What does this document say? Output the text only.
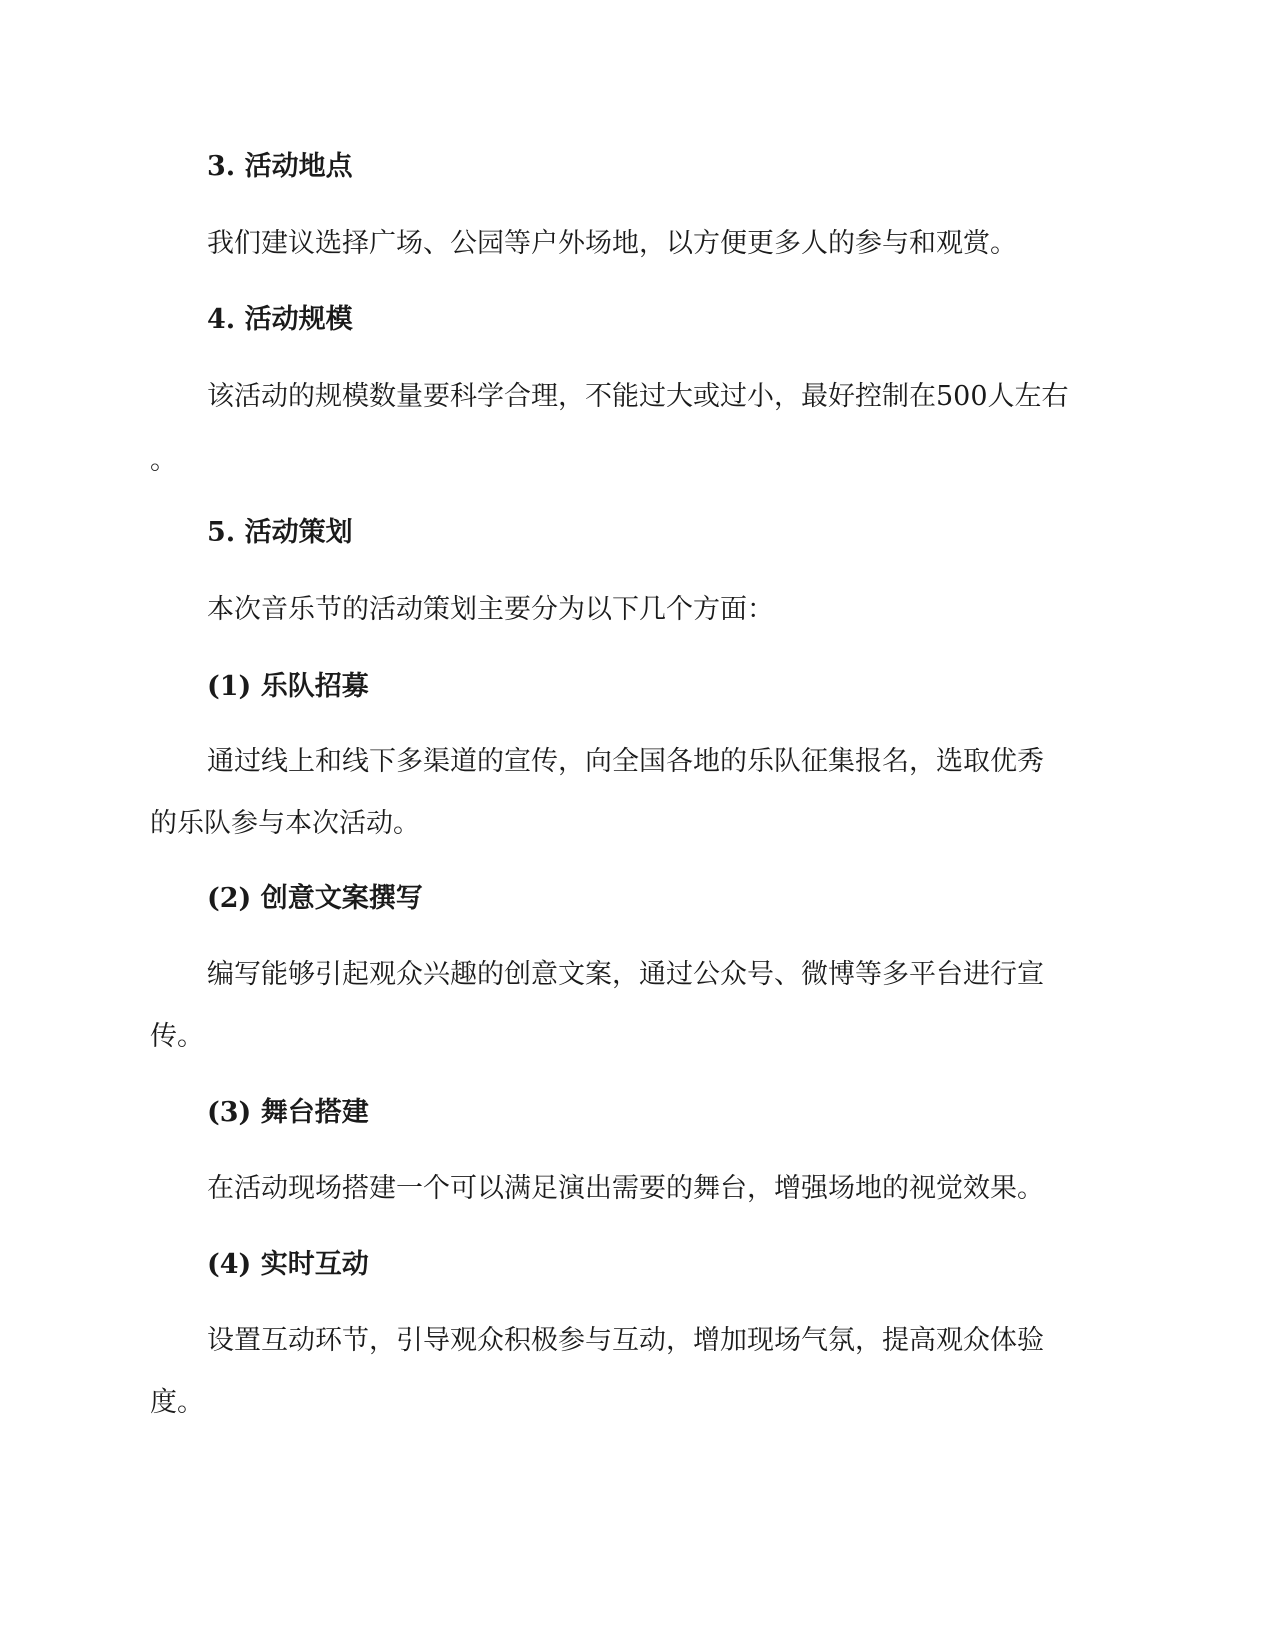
3. 活动地点
我们建议选择广场、公园等户外场地，以方便更多人的参与和观赏。
4. 活动规模
该活动的规模数量要科学合理，不能过大或过小，最好控制在500人左右
。
5. 活动策划
本次音乐节的活动策划主要分为以下几个方面：
(1) 乐队招募
通过线上和线下多渠道的宣传，向全国各地的乐队征集报名，选取优秀
的乐队参与本次活动。
(2) 创意文案撰写
编写能够引起观众兴趣的创意文案，通过公众号、微博等多平台进行宣
传。
(3) 舞台搭建
在活动现场搭建一个可以满足演出需要的舞台，增强场地的视觉效果。
(4) 实时互动
设置互动环节，引导观众积极参与互动，增加现场气氛，提高观众体验
度。
